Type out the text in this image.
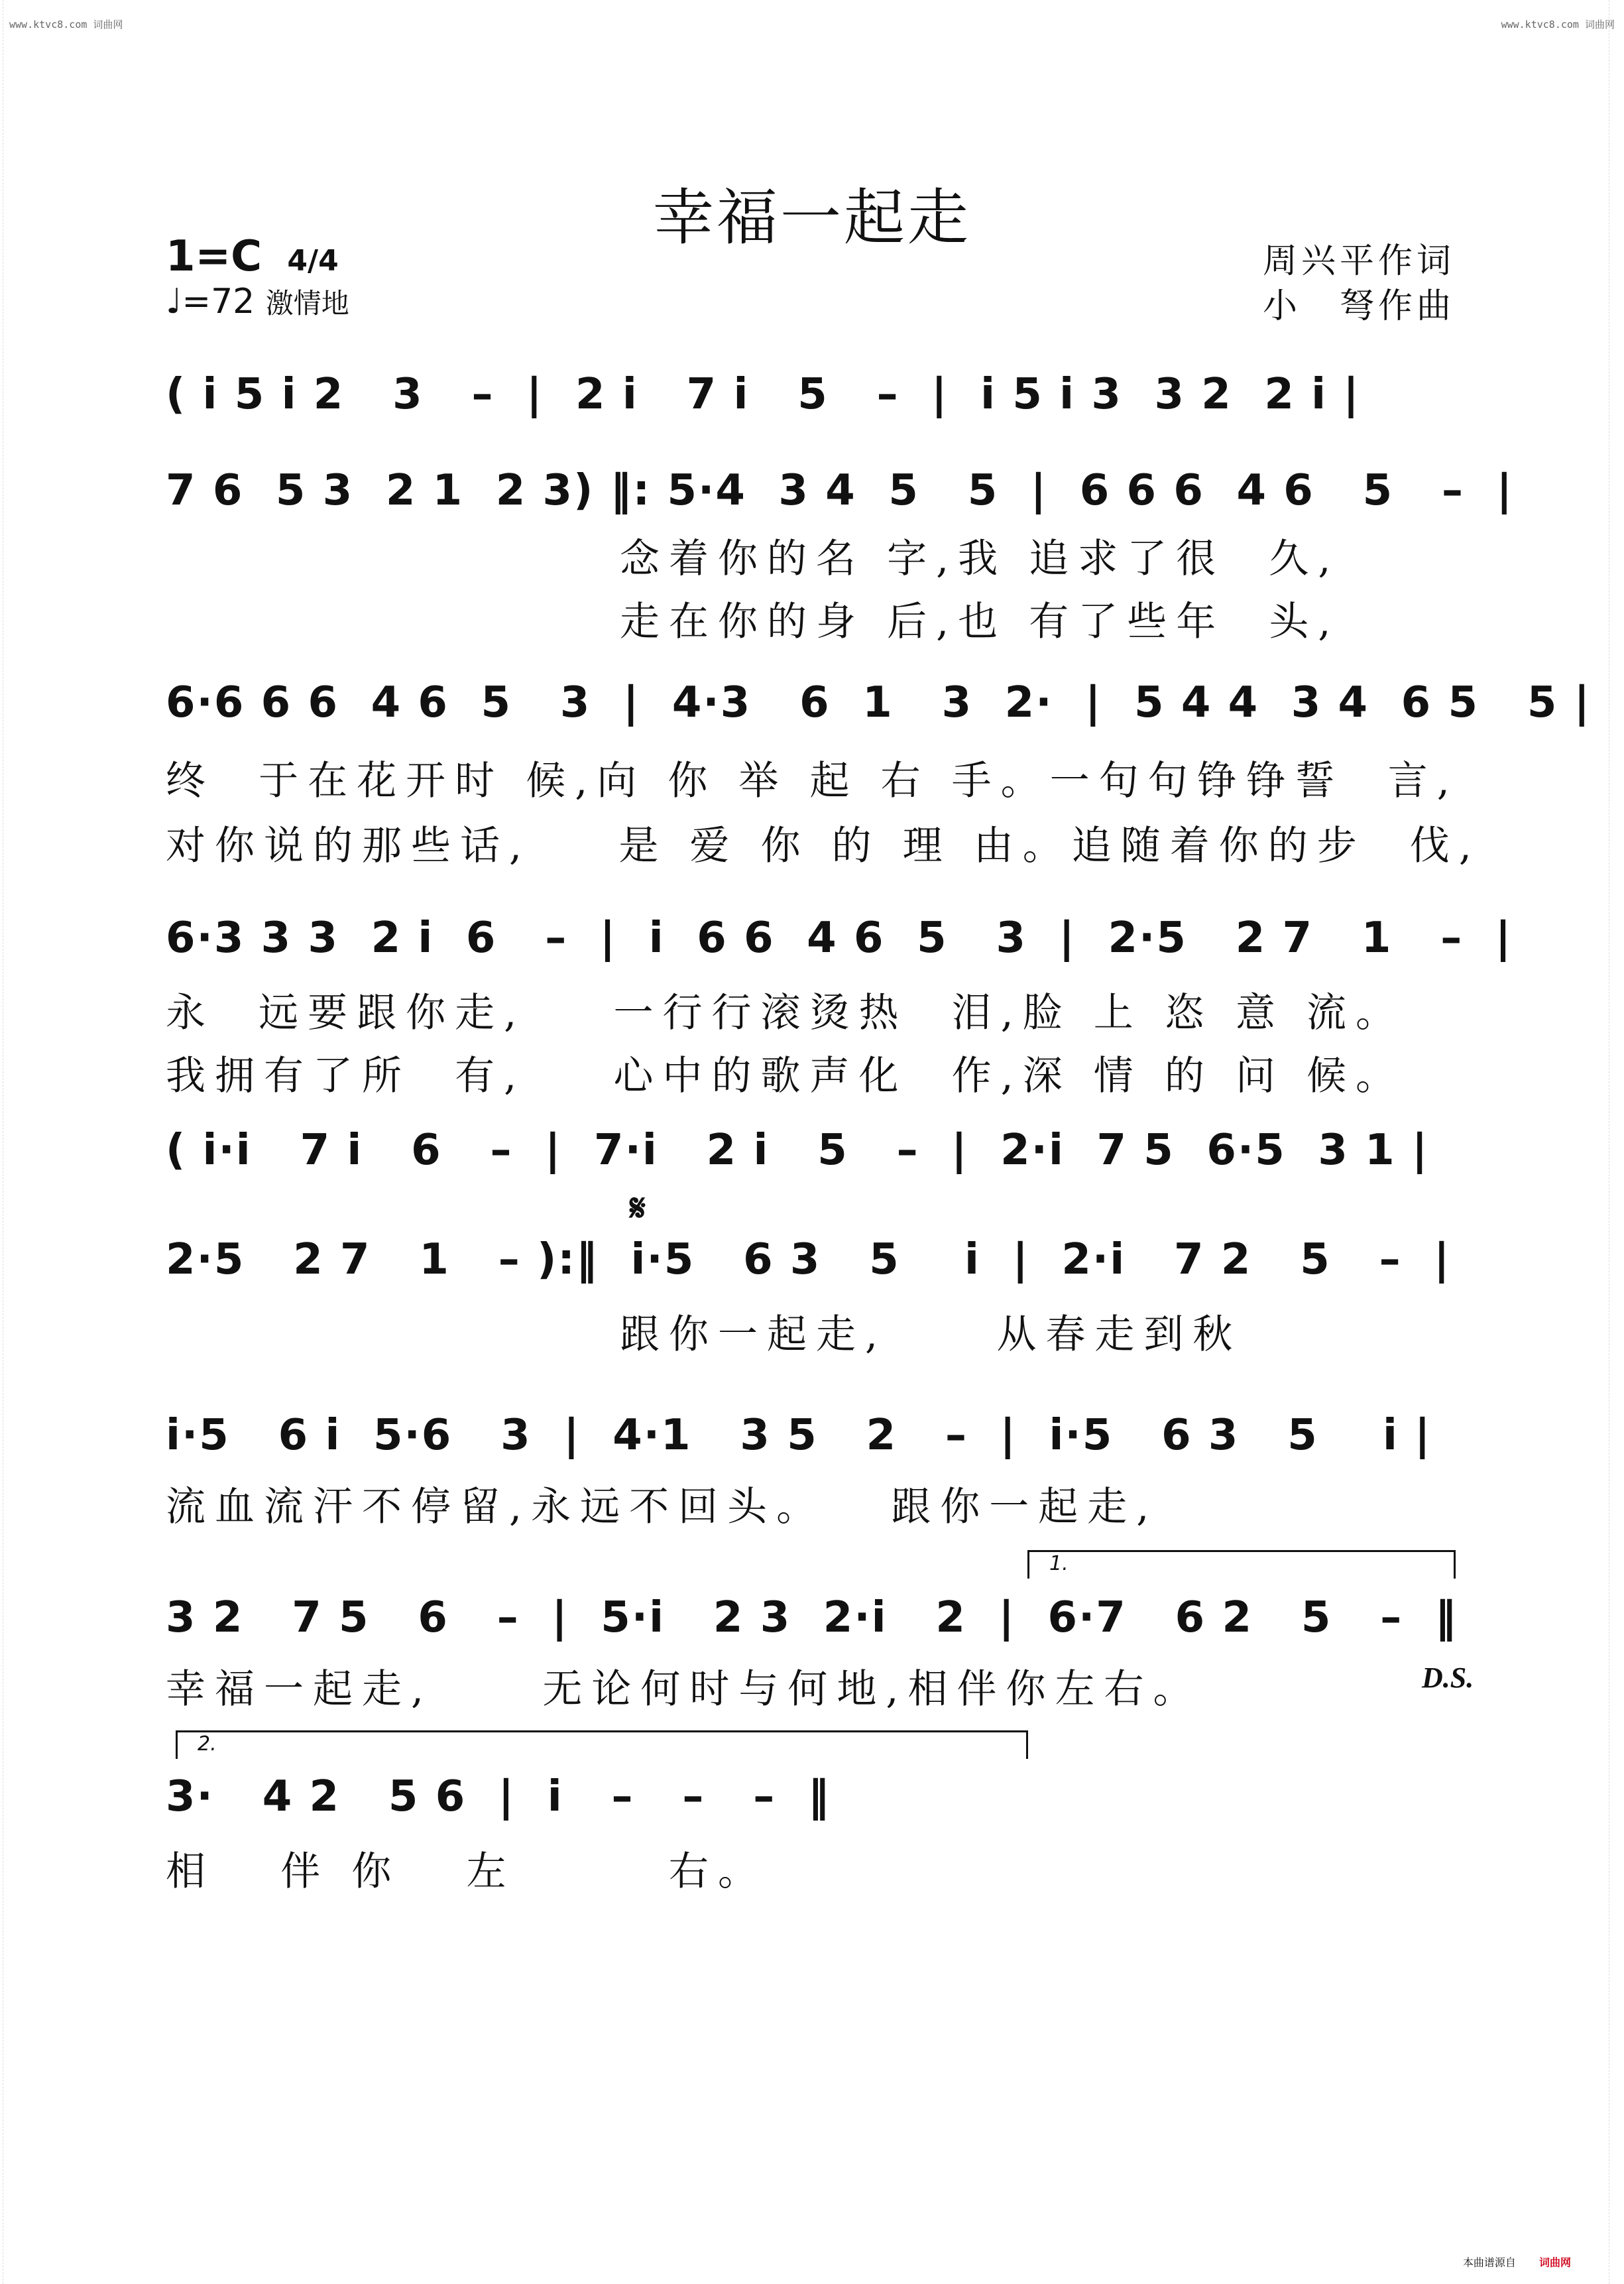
www.ktvc8.com 词曲网	www.ktvc8.com 词曲网
幸福一起走
1=C 4/4
♩=72 激情地
周兴平作词
小　弩作曲
( i 5 i 2   3   –  |  2 i   7 i   5   –  |  i 5 i 3  3 2  2 i |
7 6  5 3  2 1  2 3) ‖: 5·4  3 4  5   5  |  6 6 6  4 6   5   –  |
念着你的名 字,我 追求了很  久,
走在你的身 后,也 有了些年  头,
6·6 6 6  4 6  5   3  |  4·3   6  1   3  2·  |  5 4 4  3 4  6 5   5 |
终  于在花开时 候,向 你 举 起 右 手。一句句铮铮誓  言,
对你说的那些话,    是 爱 你 的 理 由。追随着你的步  伐,
6·3 3 3  2 i  6   –  |  i  6 6  4 6  5   3  |  2·5   2 7   1   –  |
永  远要跟你走,    一行行滚烫热  泪,脸 上 恣 意 流。
我拥有了所  有,    心中的歌声化  作,深 情 的 问 候。
( i·i   7 i   6   –  |  7·i   2 i   5   –  |  2·i  7 5  6·5  3 1 |
𝄋
2·5   2 7   1   – ):‖  i·5   6 3   5    i  |  2·i   7 2   5   –  |
跟你一起走,     从春走到秋
i·5   6 i  5·6   3  |  4·1   3 5   2   –  |  i·5   6 3   5    i |
流血流汗不停留,永远不回头。   跟你一起走,
1.
3 2   7 5   6   –  |  5·i   2 3  2·i   2  |  6·7   6 2   5   –  ‖
幸福一起走,     无论何时与何地,相伴你左右。	D.S.
2.
3·   4 2   5 6  |  i   –   –   –  ‖
相   伴 你   左       右。
本曲谱源自 词曲网
